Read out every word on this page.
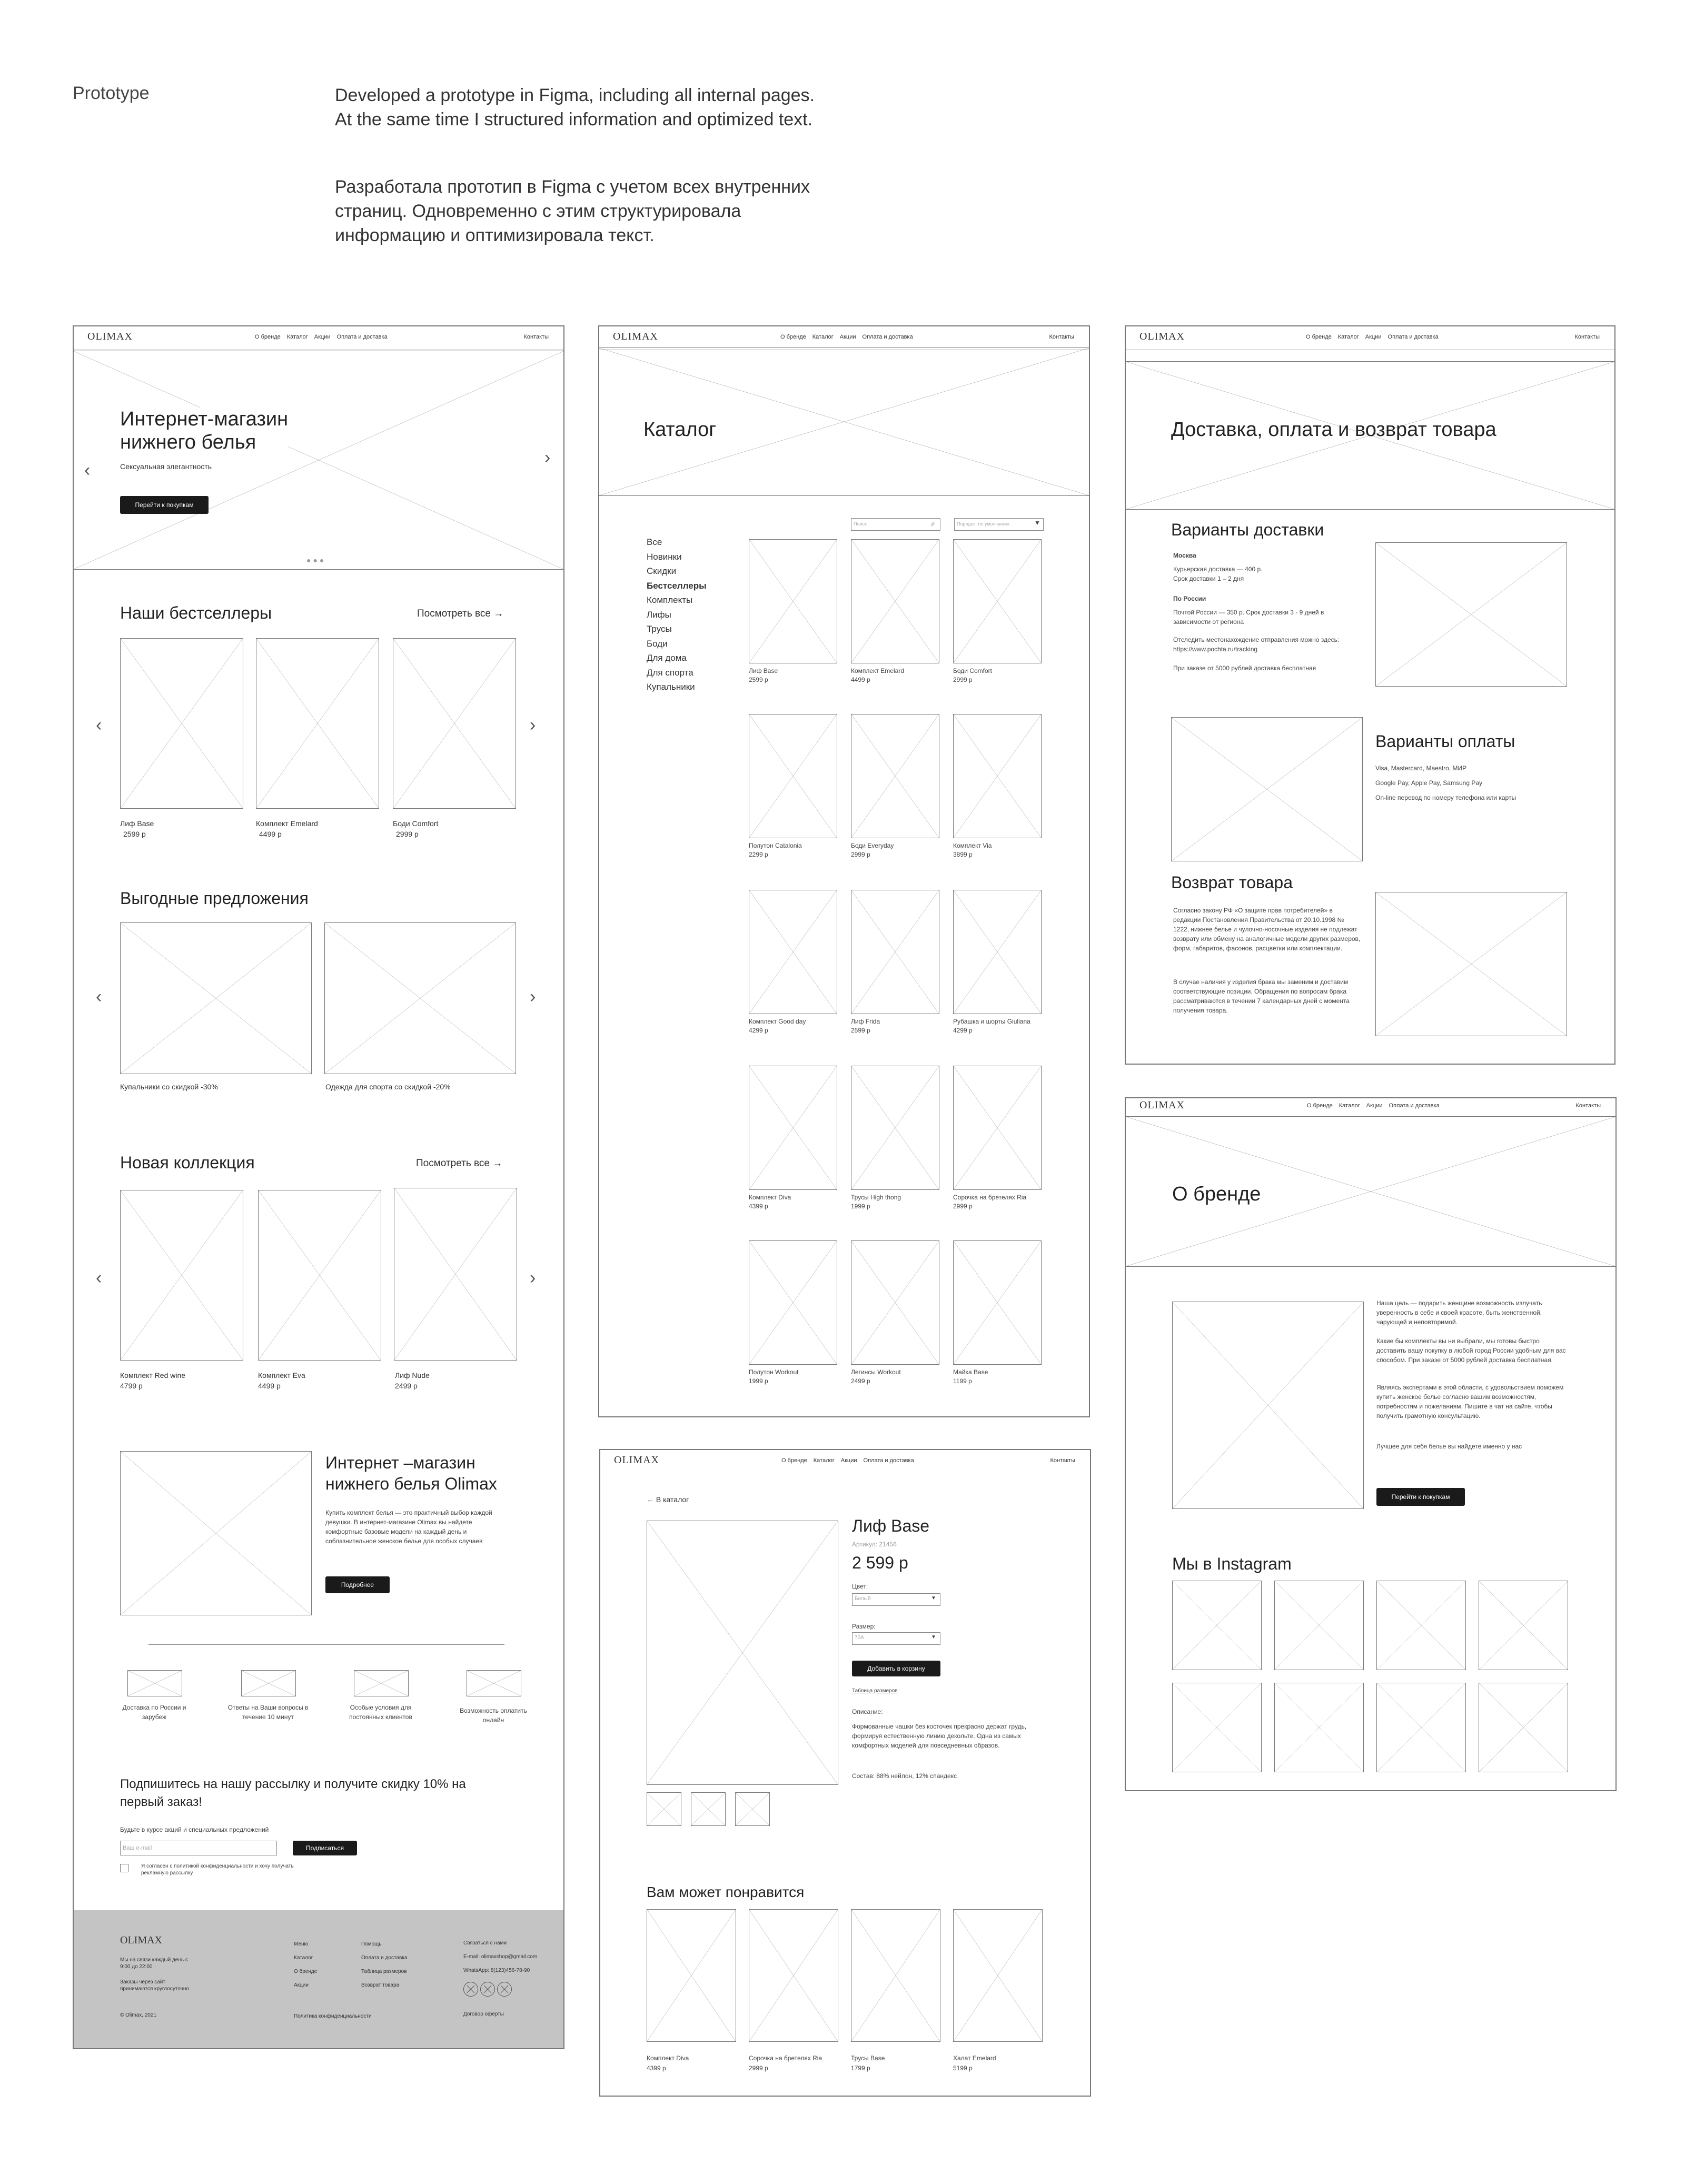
Prototype	Developed a prototype in Figma, including all internal pages.
At the same time I structured information and optimized text.
Разработала прототип в Figma с учетом всех внутренних
страниц. Одновременно с этим структурировала
информацию и оптимизировала текст.
OLIMAX	О бренде Каталог Акции Оплата и доставка	Контакты
Интернет-магазин
нижнего белья
Сексуальная элегантность
Перейти к покупкам
‹
›
●●●
Наши бестселлеры	Посмотреть все →
‹	›
Лиф Base
2599 р
Комплект Emelard
4499 р
Боди Comfort
2999 р
Выгодные предложения
‹	›
Купальники со скидкой -30%	Одежда для спорта со скидкой -20%
Новая коллекция	Посмотреть все →
‹	›
Комплект Red wine
4799 р
Комплект Eva
4499 р
Лиф Nude
2499 р
Интернет –магазин
нижнего белья Olimax
Купить комплект белья — это практичный выбор каждой девушки. В интернет-магазине Olimax вы найдете комфортные базовые модели на каждый день и соблазнительное женское белье для особых случаев
Подробнее
Доставка по России и зарубеж
Ответы на Ваши вопросы в течение 10 минут
Особые условия для постоянных клиентов
Возможность оплатить онлайн
Подпишитесь на нашу рассылку и получите скидку 10% на
первый заказ!
Будьте в курсе акций и специальных предложений
Ваш e-mail	Подписаться
Я согласен с политикой конфиденциальности и хочу получать рекламную рассылку
OLIMAX
Мы на связи каждый день с 9:00 до 22:00
Заказы через сайт принимаются круглосуточно
© Olimax, 2021
Меню
Каталог
О бренде
Акции
Помощь
Оплата и доставка
Таблица размеров
Возврат товара
Политика конфиденциальности
Связаться с нами
E-mail: olimaxshop@gmail.com
WhatsApp: 8(123)456-78-90
Договор оферты
OLIMAX	О бренде Каталог Акции Оплата и доставка	Контакты
Каталог
Поиск	⌕	Порядок: по умолчанию	▼
Все
Новинки
Скидки
Бестселлеры
Комплекты
Лифы
Трусы
Боди
Для дома
Для спорта
Купальники
Лиф Base
2599 р
Комплект Emelard
4499 р
Боди Comfort
2999 р
Полутон Catalonia
2299 р
Боди Everyday
2999 р
Комплект Via
3899 р
Комплект Good day
4299 р
Лиф Frida
2599 р
Рубашка и шорты Giuliana
4299 р
Комплект Diva
4399 р
Трусы High thong
1999 р
Сорочка на бретелях Ria
2999 р
Полутон Workout
1999 р
Легинсы Workout
2499 р
Майка Base
1199 р
OLIMAX	О бренде Каталог Акции Оплата и доставка	Контакты
← В каталог
Лиф Base
Артикул: 21456
2 599 р
Цвет:
Белый	▼
Размер:
70А	▼
Добавить в корзину
Таблица размеров
Описание:
Формованные чашки без косточек прекрасно держат грудь, формируя естественную линию декольте. Одна из самых комфортных моделей для повседневных образов.
Состав: 88% нейлон, 12% спандекс
Вам может понравится
Комплект Diva
4399 р
Сорочка на бретелях Ria
2999 р
Трусы Base
1799 р
Халат Emelard
5199 р
OLIMAX	О бренде Каталог Акции Оплата и доставка	Контакты
Доставка, оплата и возврат товара
Варианты доставки
Москва
Курьерская доставка — 400 р.
Срок доставки 1 – 2 дня
По России
Почтой России — 350 р. Срок доставки 3 - 9 дней в зависимости от региона
Отследить местонахождение отправления можно здесь: https://www.pochta.ru/tracking
При заказе от 5000 рублей доставка бесплатная
Варианты оплаты
Visa, Mastercard, Maestro, МИР
Google Pay, Apple Pay, Samsung Pay
On-line перевод по номеру телефона или карты
Возврат товара
Согласно закону РФ «О защите прав потребителей» в редакции Постановления Правительства от 20.10.1998 № 1222, нижнее белье и чулочно-носочные изделия не подлежат возврату или обмену на аналогичные модели других размеров, форм, габаритов, фасонов, расцветки или комплектации.
В случае наличия у изделия брака мы заменим и доставим соответствующие позиции. Обращения по вопросам брака рассматриваются в течении 7 календарных дней с момента получения товара.
OLIMAX	О бренде Каталог Акции Оплата и доставка	Контакты
О бренде
Наша цель — подарить женщине возможность излучать уверенность в себе и своей красоте, быть женственной, чарующей и неповторимой.
Какие бы комплекты вы ни выбрали, мы готовы быстро доставить вашу покупку в любой город России удобным для вас способом. При заказе от 5000 рублей доставка бесплатная.
Являясь экспертами в этой области, с удовольствием поможем купить женское белье согласно вашим возможностям, потребностям и пожеланиям. Пишите в чат на сайте, чтобы получить грамотную консультацию.
Лучшее для себя белье вы найдете именно у нас
Перейти к покупкам
Мы в Instagram
